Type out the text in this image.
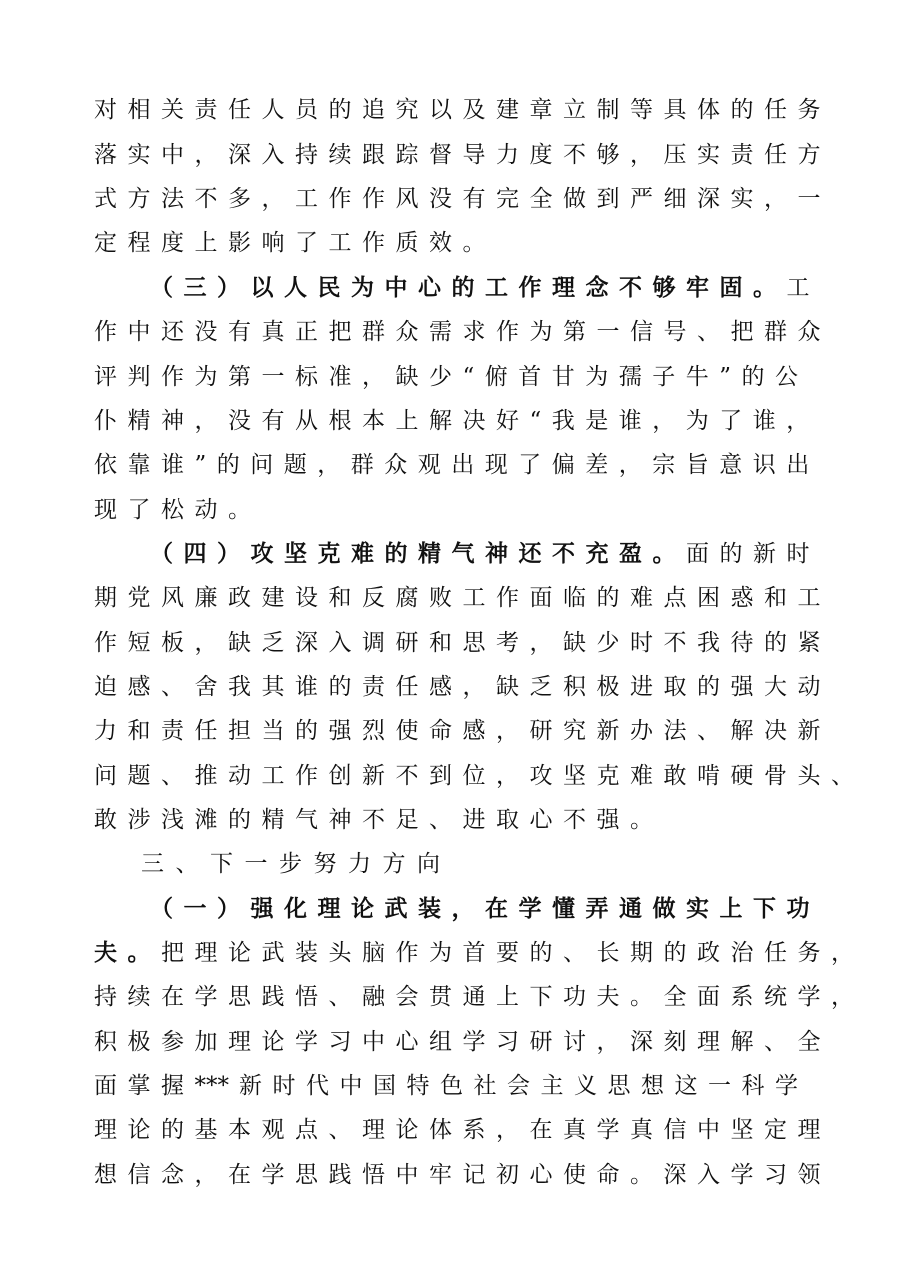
对相关责任人员的追究以及建章立制等具体的任务
落实中，深入持续跟踪督导力度不够，压实责任方
式方法不多，工作作风没有完全做到严细深实，一
定程度上影响了工作质效。
（三）以人民为中心的工作理念不够牢固。工
作中还没有真正把群众需求作为第一信号、把群众
评判作为第一标准，缺少“俯首甘为孺子牛”的公
仆精神，没有从根本上解决好“我是谁，为了谁，
依靠谁”的问题，群众观出现了偏差，宗旨意识出
现了松动。
（四）攻坚克难的精气神还不充盈。面的新时
期党风廉政建设和反腐败工作面临的难点困惑和工
作短板，缺乏深入调研和思考，缺少时不我待的紧
迫感、舍我其谁的责任感，缺乏积极进取的强大动
力和责任担当的强烈使命感，研究新办法、解决新
问题、推动工作创新不到位，攻坚克难敢啃硬骨头、
敢涉浅滩的精气神不足、进取心不强。
三、下一步努力方向
（一）强化理论武装，在学懂弄通做实上下功
夫。把理论武装头脑作为首要的、长期的政治任务，
持续在学思践悟、融会贯通上下功夫。全面系统学，
积极参加理论学习中心组学习研讨，深刻理解、全
面掌握*** 新时代中国特色社会主义思想这一科学
理论的基本观点、理论体系，在真学真信中坚定理
想信念，在学思践悟中牢记初心使命。深入学习领
